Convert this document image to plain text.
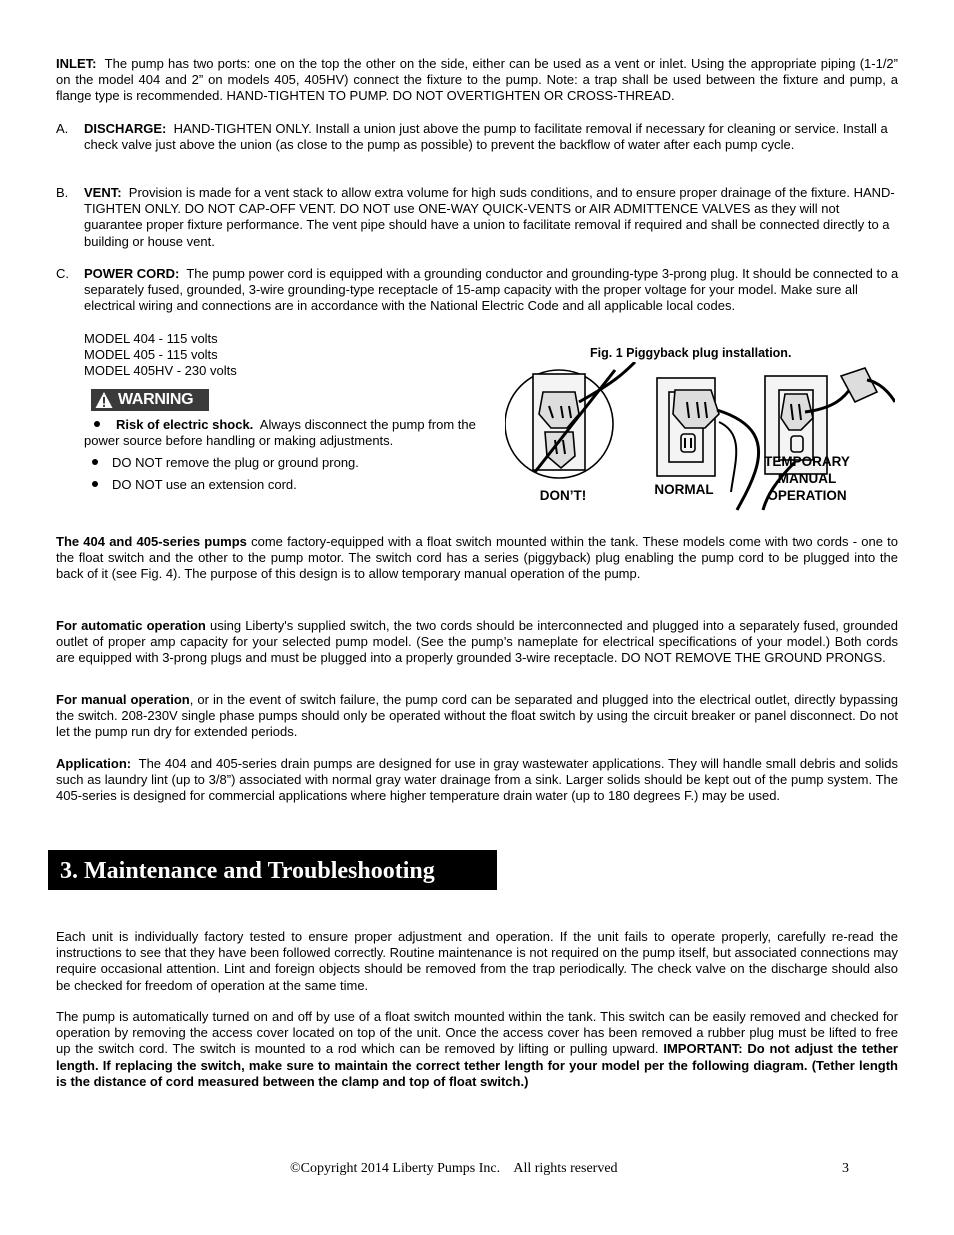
INLET: The pump has two ports: one on the top the other on the side, either can be used as a vent or inlet. Using the appropriate piping (1-1/2” on the model 404 and 2” on models 405, 405HV) connect the fixture to the pump. Note: a trap shall be used between the fixture and pump, a flange type is recommended. HAND-TIGHTEN TO PUMP. DO NOT OVERTIGHTEN OR CROSS-THREAD.

A. DISCHARGE: HAND-TIGHTEN ONLY. Install a union just above the pump to facilitate removal if necessary for cleaning or service. Install a check valve just above the union (as close to the pump as possible) to prevent the backflow of water after each pump cycle.

B. VENT: Provision is made for a vent stack to allow extra volume for high suds conditions, and to ensure proper drainage of the fixture. HAND-TIGHTEN ONLY. DO NOT CAP-OFF VENT. DO NOT use ONE-WAY QUICK-VENTS or AIR ADMITTENCE VALVES as they will not guarantee proper fixture performance. The vent pipe should have a union to facilitate removal if required and shall be connected directly to a building or house vent.

C. POWER CORD: The pump power cord is equipped with a grounding conductor and grounding-type 3-prong plug. It should be connected to a separately fused, grounded, 3-wire grounding-type receptacle of 15-amp capacity with the proper voltage for your model. Make sure all electrical wiring and connections are in accordance with the National Electric Code and all applicable local codes.

MODEL 404 - 115 volts
MODEL 405 - 115 volts
MODEL 405HV - 230 volts
WARNING

Risk of electric shock. Always disconnect the pump from the power source before handling or making adjustments.

DO NOT remove the plug or ground prong.
DO NOT use an extension cord.
Fig. 1 Piggyback plug installation.
DON’T!	NORMAL
TEMPORARY MANUAL OPERATION

The 404 and 405-series pumps come factory-equipped with a float switch mounted within the tank. These models come with two cords - one to the float switch and the other to the pump motor. The switch cord has a series (piggyback) plug enabling the pump cord to be plugged into the back of it (see Fig. 4). The purpose of this design is to allow temporary manual operation of the pump.

For automatic operation using Liberty's supplied switch, the two cords should be interconnected and plugged into a separately fused, grounded outlet of proper amp capacity for your selected pump model. (See the pump’s nameplate for electrical specifications of your model.) Both cords are equipped with 3-prong plugs and must be plugged into a properly grounded 3-wire receptacle. DO NOT REMOVE THE GROUND PRONGS.

For manual operation, or in the event of switch failure, the pump cord can be separated and plugged into the electrical outlet, directly bypassing the switch. 208-230V single phase pumps should only be operated without the float switch by using the circuit breaker or panel disconnect. Do not let the pump run dry for extended periods.

Application: The 404 and 405-series drain pumps are designed for use in gray wastewater applications. They will handle small debris and solids such as laundry lint (up to 3/8”) associated with normal gray water drainage from a sink. Larger solids should be kept out of the pump system. The 405-series is designed for commercial applications where higher temperature drain water (up to 180 degrees F.) may be used.

3. Maintenance and Troubleshooting

Each unit is individually factory tested to ensure proper adjustment and operation. If the unit fails to operate properly, carefully re-read the instructions to see that they have been followed correctly. Routine maintenance is not required on the pump itself, but associated connections may require occasional attention. Lint and foreign objects should be removed from the trap periodically. The check valve on the discharge should also be checked for freedom of operation at the same time.

The pump is automatically turned on and off by use of a float switch mounted within the tank. This switch can be easily removed and checked for operation by removing the access cover located on top of the unit. Once the access cover has been removed a rubber plug must be lifted to free up the switch cord. The switch is mounted to a rod which can be removed by lifting or pulling upward. IMPORTANT: Do not adjust the tether length. If replacing the switch, make sure to maintain the correct tether length for your model per the following diagram. (Tether length is the distance of cord measured between the clamp and top of float switch.)

©Copyright 2014 Liberty Pumps Inc.    All rights reserved	3
